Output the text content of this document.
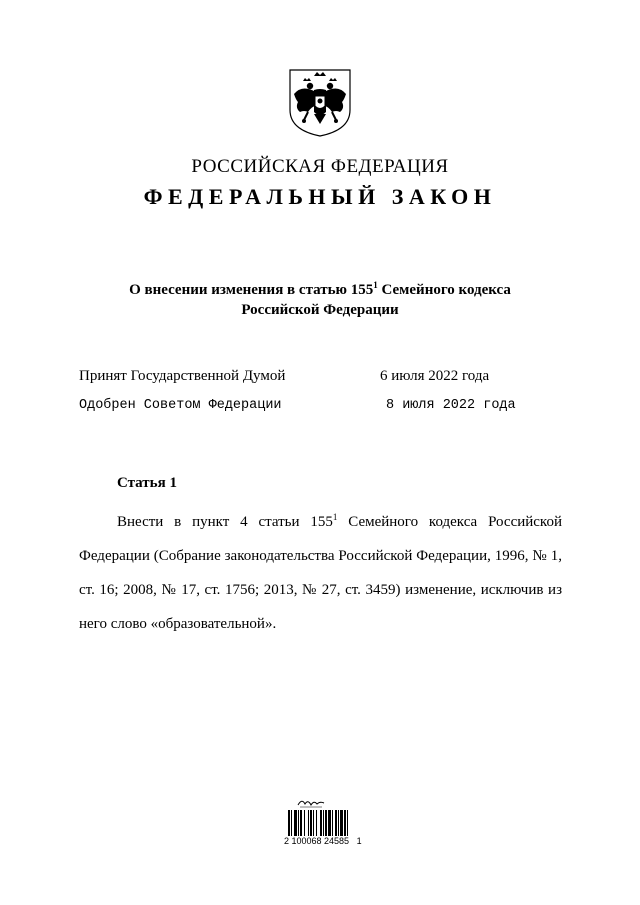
РОССИЙСКАЯ ФЕДЕРАЦИЯ
ФЕДЕРАЛЬНЫЙ ЗАКОН
О внесении изменения в статью $155^1$ Семейного кодекса
Российской Федерации
Принят Государственной Думой	6 июля 2022 года
Одобрен Советом Федерации	8 июля 2022 года
Статья 1
Внести в пункт 4 статьи $155^1$ Семейного кодекса Российской Федерации (Собрание законодательства Российской Федерации, 1996, № 1, ст. 16; 2008, № 17, ст. 1756; 2013, № 27, ст. 3459) изменение, исключив из него слово «образовательной».
2 100068 24585   1
